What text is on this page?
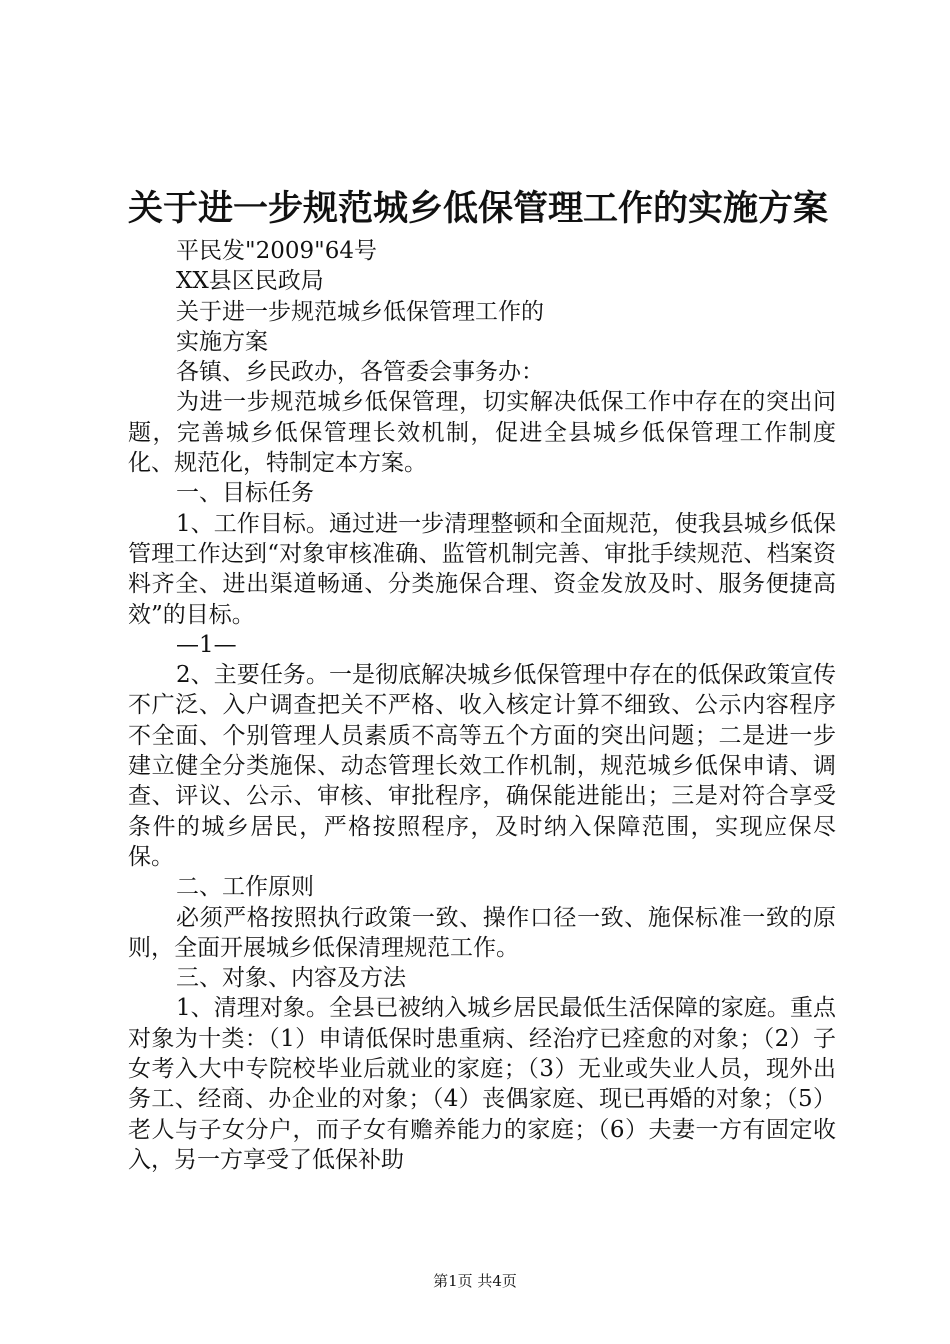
关于进一步规范城乡低保管理工作的实施方案

平民发"2009"64号

XX县区民政局

关于进一步规范城乡低保管理工作的

实施方案

各镇、乡民政办，各管委会事务办：

为进一步规范城乡低保管理，切实解决低保工作中存在的突出问题，完善城乡低保管理长效机制，促进全县城乡低保管理工作制度化、规范化，特制定本方案。

一、目标任务

1、工作目标。通过进一步清理整顿和全面规范，使我县城乡低保管理工作达到“对象审核准确、监管机制完善、审批手续规范、档案资料齐全、进出渠道畅通、分类施保合理、资金发放及时、服务便捷高效”的目标。

—1—

2、主要任务。一是彻底解决城乡低保管理中存在的低保政策宣传不广泛、入户调查把关不严格、收入核定计算不细致、公示内容程序不全面、个别管理人员素质不高等五个方面的突出问题；二是进一步建立健全分类施保、动态管理长效工作机制，规范城乡低保申请、调查、评议、公示、审核、审批程序，确保能进能出；三是对符合享受条件的城乡居民，严格按照程序，及时纳入保障范围，实现应保尽保。

二、工作原则

必须严格按照执行政策一致、操作口径一致、施保标准一致的原则，全面开展城乡低保清理规范工作。

三、对象、内容及方法

1、清理对象。全县已被纳入城乡居民最低生活保障的家庭。重点对象为十类：（1）申请低保时患重病、经治疗已痊愈的对象；（2）子女考入大中专院校毕业后就业的家庭；（3）无业或失业人员，现外出务工、经商、办企业的对象；（4）丧偶家庭、现已再婚的对象；（5）老人与子女分户，而子女有赡养能力的家庭；（6）夫妻一方有固定收入，另一方享受了低保补助

第1页 共4页
